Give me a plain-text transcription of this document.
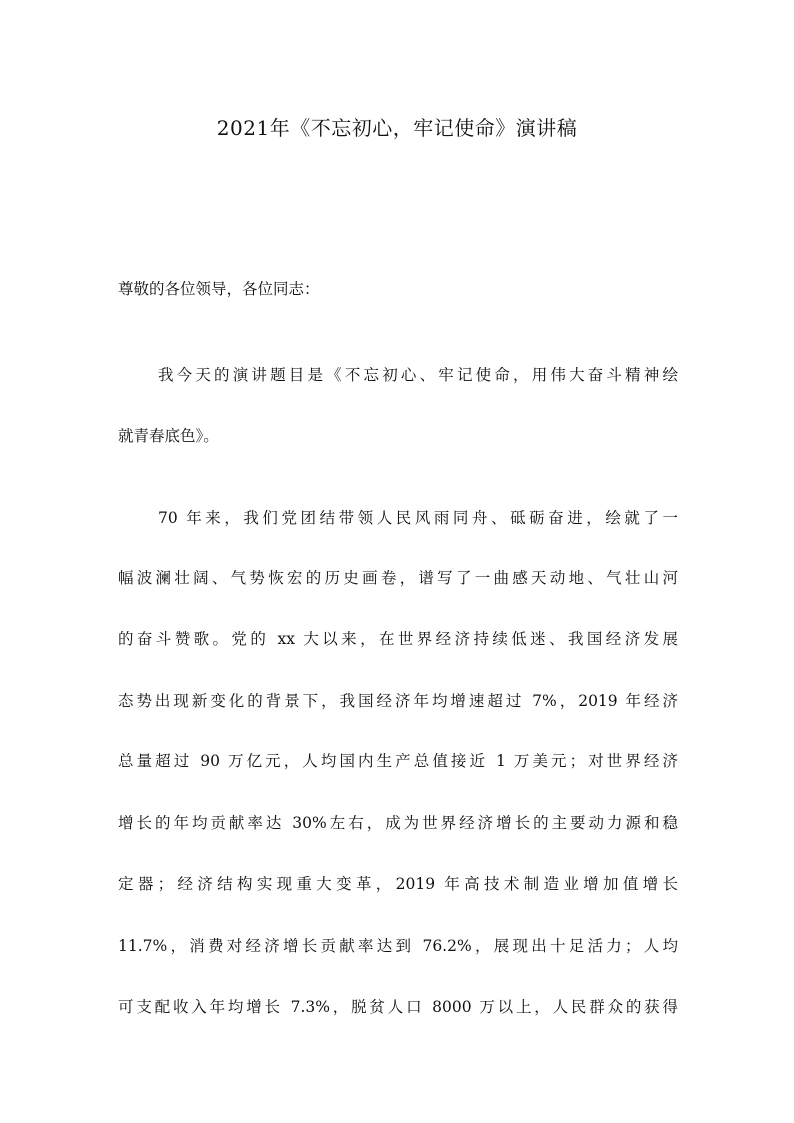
2021年《不忘初心，牢记使命》演讲稿

尊敬的各位领导，各位同志：

我今天的演讲题目是《不忘初心、牢记使命，用伟大奋斗精神绘

就青春底色》。

70 年来，我们党团结带领人民风雨同舟、砥砺奋进，绘就了一

幅波澜壮阔、气势恢宏的历史画卷，谱写了一曲感天动地、气壮山河

的奋斗赞歌。党的 xx 大以来，在世界经济持续低迷、我国经济发展

态势出现新变化的背景下，我国经济年均增速超过 7%，2019 年经济

总量超过 90 万亿元，人均国内生产总值接近 1 万美元；对世界经济

增长的年均贡献率达 30%左右，成为世界经济增长的主要动力源和稳

定器；经济结构实现重大变革，2019 年高技术制造业增加值增长

11.7%，消费对经济增长贡献率达到 76.2%，展现出十足活力；人均

可支配收入年均增长 7.3%，脱贫人口 8000 万以上，人民群众的获得
